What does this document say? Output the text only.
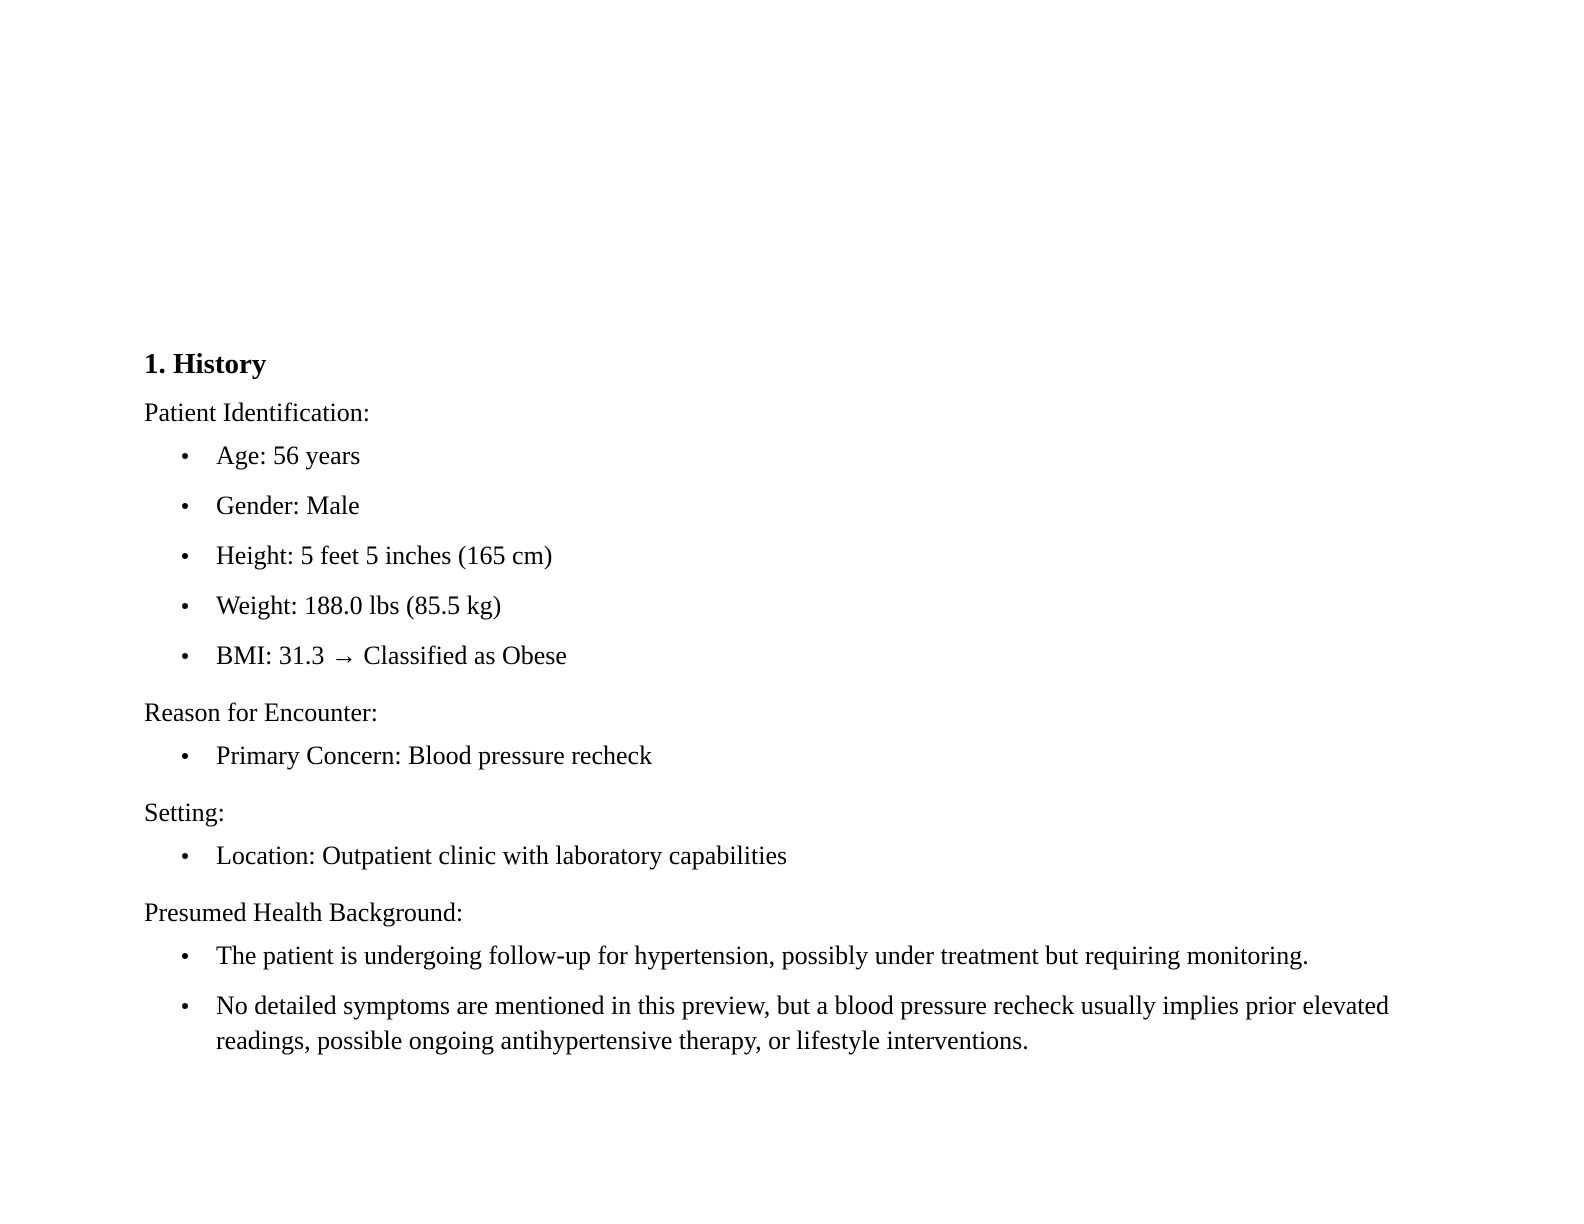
1. History

Patient Identification:

Age: 56 years
Gender: Male
Height: 5 feet 5 inches (165 cm)
Weight: 188.0 lbs (85.5 kg)
BMI: 31.3 → Classified as Obese

Reason for Encounter:

Primary Concern: Blood pressure recheck

Setting:

Location: Outpatient clinic with laboratory capabilities

Presumed Health Background:

The patient is undergoing follow-up for hypertension, possibly under treatment but requiring monitoring.
No detailed symptoms are mentioned in this preview, but a blood pressure recheck usually implies prior elevated readings, possible ongoing antihypertensive therapy, or lifestyle interventions.
